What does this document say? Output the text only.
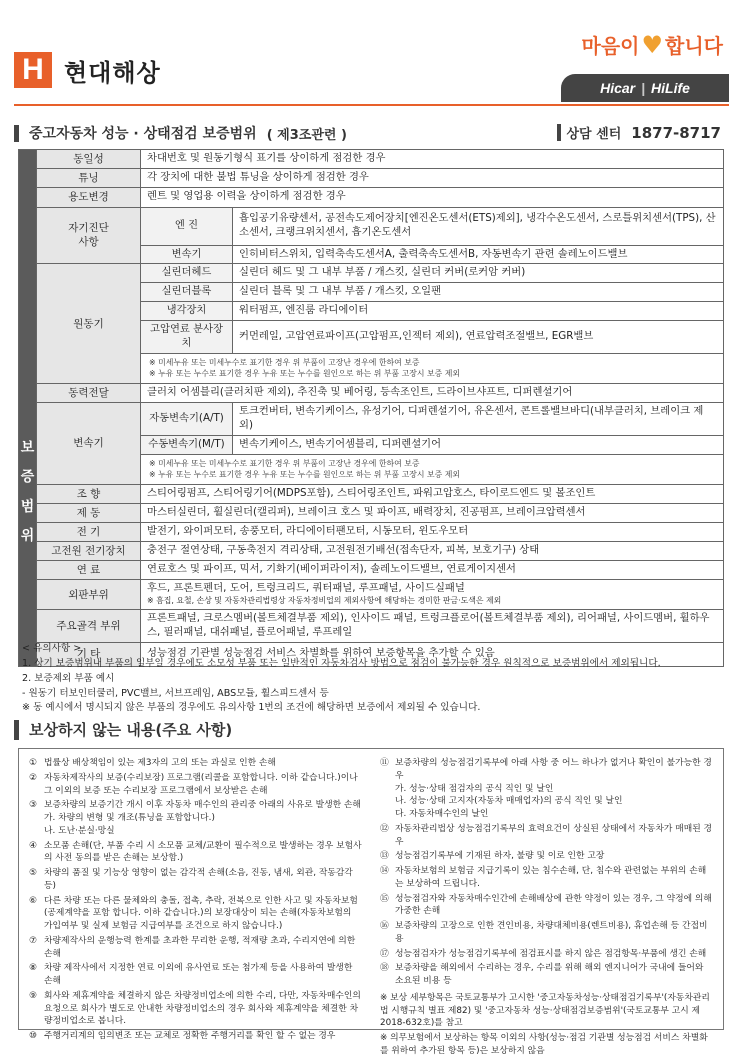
마음이 ♥ 합니다
H 현대해상
Hicar | HiLife
중고자동차 성능 · 상태점검 보증범위 ( 제3조관련 )	상담 센터 1877-8717
보
증
범
위	동일성	차대번호 및 원동기형식 표기를 상이하게 점검한 경우	
	튜닝	각 장치에 대한 불법 튜닝을 상이하게 점검한 경우	
	용도변경	렌트 및 영업용 이력을 상이하게 점검한 경우	
	자기진단
사항	엔 진	흡입공기유량센서, 공전속도제어장치[엔진온도센서(ETS)제외], 냉각수온도센서, 스로틀위치센서(TPS), 산소센서, 크랭크위치센서, 흡기온도센서
		변속기	인히비터스위치, 입력축속도센서A, 출력축속도센서B, 자동변속기 관련 솔레노이드밸브
	원동기	실린더헤드	실린더 헤드 및 그 내부 부품 / 개스킷, 실린더 커버(로커암 커버)
		실린더블록	실린더 블록 및 그 내부 부품 / 개스킷, 오일팬
		냉각장치	워터펌프, 엔진룸 라디에이터
		고압연료 분사장치	커먼레일, 고압연료파이프(고압펌프,인젝터 제외), 연료압력조절밸브, EGR밸브

		※ 미세누유 또는 미세누수로 표기한 경우 위 부품이 고장난 경우에 한하여 보증
※ 누유 또는 누수로 표기한 경우 누유 또는 누수를 원인으로 하는 위 부품 고장시 보증 제외	

	동력전달	클러치 어셈블리(클러치판 제외), 추진축 및 베어링, 등속조인트, 드라이브샤프트, 디퍼렌셜기어	
	변속기	자동변속기(A/T)	토크컨버터, 변속기케이스, 유성기어, 디퍼렌셜기어, 유온센서, 콘트롤밸브바디(내부클러치, 브레이크 제외)
		수동변속기(M/T)	변속기케이스, 변속기어셈블리, 디퍼렌셜기어

		※ 미세누유 또는 미세누수로 표기한 경우 위 부품이 고장난 경우에 한하여 보증
※ 누유 또는 누수로 표기한 경우 누유 또는 누수를 원인으로 하는 위 부품 고장시 보증 제외	

	조 향	스티어링펌프, 스티어링기어(MDPS포함), 스티어링조인트, 파워고압호스, 타이로드엔드 및 볼조인트	
	제 동	마스터실린더, 휠실린더(캘리퍼), 브레이크 호스 및 파이프, 배력장치, 진공펌프, 브레이크압력센서	
	전 기	발전기, 와이퍼모터, 송풍모터, 라디에이터팬모터, 시동모터, 윈도우모터	
	고전원 전기장치	충전구 절연상태, 구동축전지 격리상태, 고전원전기배선(접속단자, 피복, 보호기구) 상태	
	연 료	연료호스 및 파이프, 믹서, 기화기(베이퍼라이저), 솔레노이드밸브, 연료게이지센서	
	외판부위	후드, 프론트펜더, 도어, 트렁크리드, 쿼터패널, 루프패널, 사이드실패널
※ 흠집, 요철, 손상 및 자동차관리법령상 자동차정비업의 제외사항에 해당하는 경미한 판금·도색은 제외	

	주요골격 부위	프론트패널, 크로스멤버(볼트체결부품 제외), 인사이드 패널, 트렁크플로어(볼트체결부품 제외), 리어패널, 사이드멤버, 휠하우스, 필러패널, 대쉬패널, 플로어패널, 루프레일	
	기 타	성능점검 기관별 성능점검 서비스 차별화를 위하여 보증항목을 추가할 수 있음	
< 유의사항 >
1. 상기 보증범위내 부품의 일부일 경우에도 소모성 부품 또는 일반적인 자동차검사 방법으로 점검이 불가능한 경우 원칙적으로 보증범위에서 제외됩니다.
2. 보증제외 부품 예시
- 원동기 터보인터쿨러, PVC밸브, 서브프레임, ABS모듈, 휠스피드센서 등
※ 동 예시에서 명시되지 않은 부품의 경우에도 유의사항 1번의 조건에 해당하면 보증에서 제외될 수 있습니다.
보상하지 않는 내용(주요 사항)
① 법률상 배상책임이 있는 제3자의 고의 또는 과실로 인한 손해
② 자동차제작사의 보증(수리보장) 프로그램(리콜을 포함합니다. 이하 같습니다.)이나 그 이외의 보증 또는 수리보장 프로그램에서 보상받은 손해
③ 보증차량의 보증기간 개시 이후 자동차 매수인의 관리중 아래의 사유로 발생한 손해
가. 차량의 변형 및 개조(튜닝을 포함합니다.)
나. 도난·분실·망실
④ 소모품 손해(단, 부품 수리 시 소모품 교체/교환이 필수적으로 발생하는 경우 보험사의 사전 동의를 받은 손해는 보상함.)
⑤ 차량의 품질 및 기능상 영향이 없는 감각적 손해(소음, 진동, 냄새, 외관, 작동감각 등)
⑥ 다른 차량 또는 다른 물체와의 충돌, 접촉, 추락, 전복으로 인한 사고 및 자동차보험(공제계약을 포함 합니다. 이하 같습니다.)의 보장대상이 되는 손해(자동차보험의 가입여부 및 실제 보험금 지급여부를 조건으로 하지 않습니다.)
⑦ 차량제작사의 운행능력 한계를 초과한 무리한 운행, 적재량 초과, 수리지연에 의한 손해
⑧ 차량 제작사에서 지정한 연료 이외에 유사연료 또는 첨가제 등을 사용하여 발생한 손해
⑨ 회사와 제휴계약을 체결하지 않은 차량정비업소에 의한 수리, 다만, 자동차매수인의 요청으로 회사가 별도로 안내한 차량정비업소의 경우 회사와 제휴계약을 체결한 차량정비업소로 봅니다.
⑩ 주행거리계의 임의변조 또는 교체로 정확한 주행거리를 확인 할 수 없는 경우
⑪ 보증차량의 성능점검기록부에 아래 사항 중 어느 하나가 없거나 확인이 불가능한 경우
가. 성능·상태 점검자의 공식 직인 및 날인
나. 성능·상태 고지자(자동차 매매업자)의 공식 직인 및 날인
다. 자동차매수인의 날인
⑫ 자동차관리법상 성능점검기록부의 효력요건이 상실된 상태에서 자동차가 매매된 경우
⑬ 성능점검기록부에 기재된 하자, 불량 및 이로 인한 고장
⑭ 자동차보험의 보험금 지급기록이 있는 침수손해, 단, 침수와 관련없는 부위의 손해는 보상하여 드립니다.
⑮ 성능점검자와 자동차매수인간에 손해배상에 관한 약정이 있는 경우, 그 약정에 의해 가중한 손해
⑯ 보증차량의 고장으로 인한 견인비용, 차량대체비용(렌트비용), 휴업손해 등 간접비용
⑰ 성능점검자가 성능점검기록부에 점검표시를 하지 않은 점검항목·부품에 생긴 손해
⑱ 보증차량을 해외에서 수리하는 경우, 수리를 위해 해외 엔지니어가 국내에 들어와 소요된 비용 등
※ 보상 세부항목은 국토교통부가 고시한 '중고자동차성능·상태점검기록부'(자동차관리법 시행규칙 별표 제82) 및 '중고자동차 성능·상태점검보증범위'(국토교통부 고시 제2018-632호)를 참고
※ 의무보험에서 보상하는 항목 이외의 사항(성능·점검 기관별 성능점검 서비스 차별화를 위하여 추가된 항목 등)은 보상하지 않음
